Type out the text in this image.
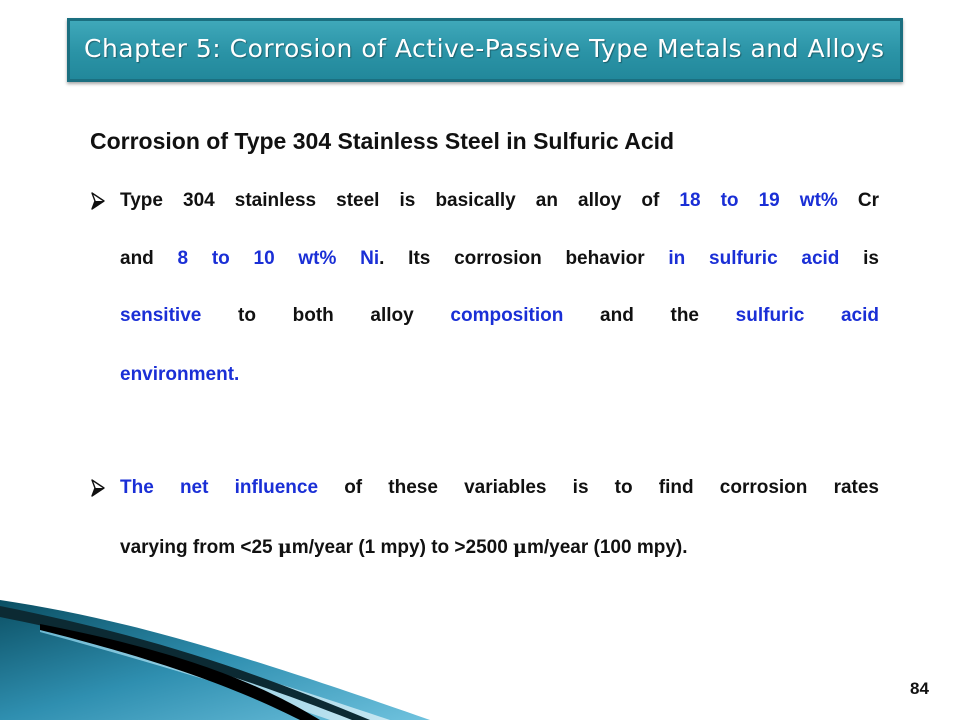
Chapter 5: Corrosion of Active-Passive Type Metals and Alloys
Corrosion of Type 304 Stainless Steel in Sulfuric Acid
Type 304 stainless steel is basically an alloy of 18 to 19 wt% Cr
and 8 to 10 wt% Ni. Its corrosion behavior in sulfuric acid is
sensitive to both alloy composition and the sulfuric acid
environment.
The net influence of these variables is to find corrosion rates
varying from <25 μm/year (1 mpy) to >2500 μm/year (100 mpy).
84
